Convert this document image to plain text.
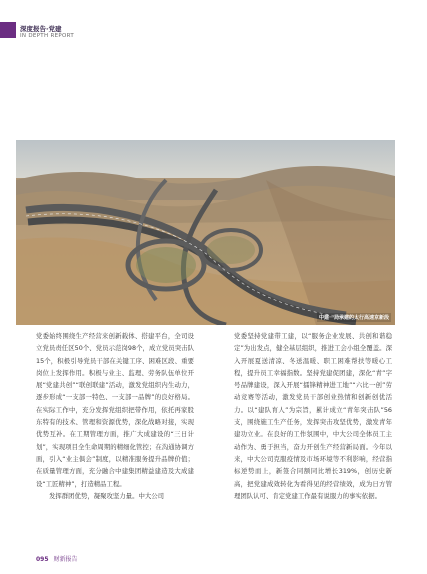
深度报告·党建
IN DEPTH REPORT
中建一局承建的太行高速京新段

党委始终围绕生产经营来创新载体、搭建平台，全司设立党员责任区50个、党员示范岗98个，成立党员突击队15个，积极引导党员干部在关键工序、困难区段、重要岗位上发挥作用。积极与业主、监理、劳务队伍单位开展“党建共创”“联创联建”活动，激发党组织内生动力，逐步形成“一支部一特色、一支部一品牌”的良好格局。在实际工作中，充分发挥党组织把带作用，依托再家股东特有的技术、管理和资源优势，深化战略对接，实现优势互补。在工期管理方面，推广大成建设的“三日计划”，实现项目全生命周期的精细化管控；在沟通协调方面，引入“业主俱会”制度，以精准服务提升品牌价值；在质量管理方面，充分融合中建集团精益建造及大成建设“工匠精神”，打造精品工程。

发挥群团优势，凝聚攻坚力量。中大公司

党委坚持党建带工建，以“服务企业发展、共创和谐稳定”为出发点，健全基层组织，推进工会小组全覆盖。深入开展夏送清凉、冬送温暖、职工困难帮扶等暖心工程，提升员工幸福指数。坚持党建促团建，深化“青”字号品牌建设，深入开展“擂锋精神进工地”“六比一创”劳动竞赛等活动，激发党员干部创业热情和创新创优活力。以“建队育人”为宗旨，累计成立“青年突击队”56支，围绕施工生产任务，发挥突击攻坚优势，激发青年建功立业。在良好的工作氛围中，中大公司全体员工主动作为、勇于担当，奋力开创生产经营新局面。今年以来，中大公司克服疫情及市场环境等不利影响，经营指标逆势而上，新签合同额同比增长319%，创历史新高，把党建成效转化为看得见的经营绩效，成为日方管理团队认可、肯定党建工作最有说服力的事实依据。

095 财新报告
